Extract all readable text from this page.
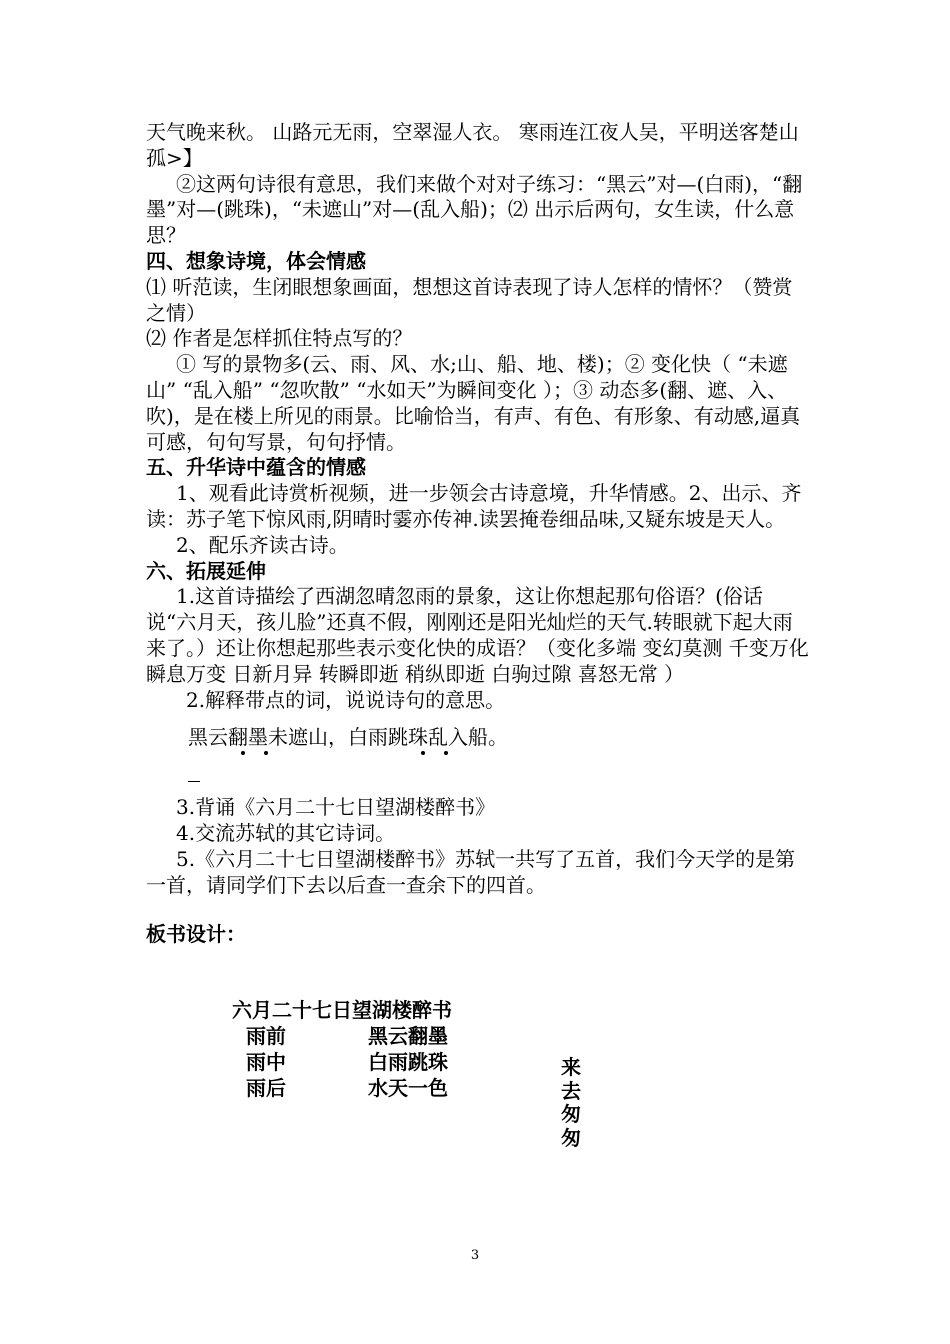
天气晚来秋。 山路元无雨，空翠湿人衣。 寒雨连江夜人吴，平明送客楚山孤>】

②这两句诗很有意思，我们来做个对对子练习：“黑云”对—(白雨)，“翻墨”对—(跳珠)，“未遮山”对—(乱入船)；⑵ 出示后两句，女生读，什么意思？

四、想象诗境，体会情感

⑴ 听范读，生闭眼想象画面，想想这首诗表现了诗人怎样的情怀？（赞赏之情）

⑵ 作者是怎样抓住特点写的？

① 写的景物多(云、雨、风、水;山、船、地、楼)；② 变化快（ “未遮山” “乱入船” “忽吹散” “水如天”为瞬间变化 ）；③ 动态多(翻、遮、入、吹)，是在楼上所见的雨景。比喻恰当，有声、有色、有形象、有动感,逼真可感，句句写景，句句抒情。

五、升华诗中蕴含的情感

1、观看此诗赏析视频，进一步领会古诗意境，升华情感。2、出示、齐读：苏子笔下惊风雨,阴晴时霎亦传神.读罢掩卷细品味,又疑东坡是天人。

2、配乐齐读古诗。

六、拓展延伸

1.这首诗描绘了西湖忽晴忽雨的景象，这让你想起那句俗语？(俗话说“六月天，孩儿脸”还真不假，刚刚还是阳光灿烂的天气.转眼就下起大雨来了。）还让你想起那些表示变化快的成语？（变化多端 变幻莫测 千变万化 瞬息万变 日新月异 转瞬即逝 稍纵即逝 白驹过隙 喜怒无常 ）

2.解释带点的词，说说诗句的意思。

黑云翻墨未遮山，白雨跳珠乱入船。

3.背诵《六月二十七日望湖楼醉书》

4.交流苏轼的其它诗词。

5.《六月二十七日望湖楼醉书》苏轼一共写了五首，我们今天学的是第一首，请同学们下去以后查一查余下的四首。

板书设计：

六月二十七日望湖楼醉书
雨前	黑云翻墨
雨中	白雨跳珠
雨后	水天一色
来
去
匆
匆
3
